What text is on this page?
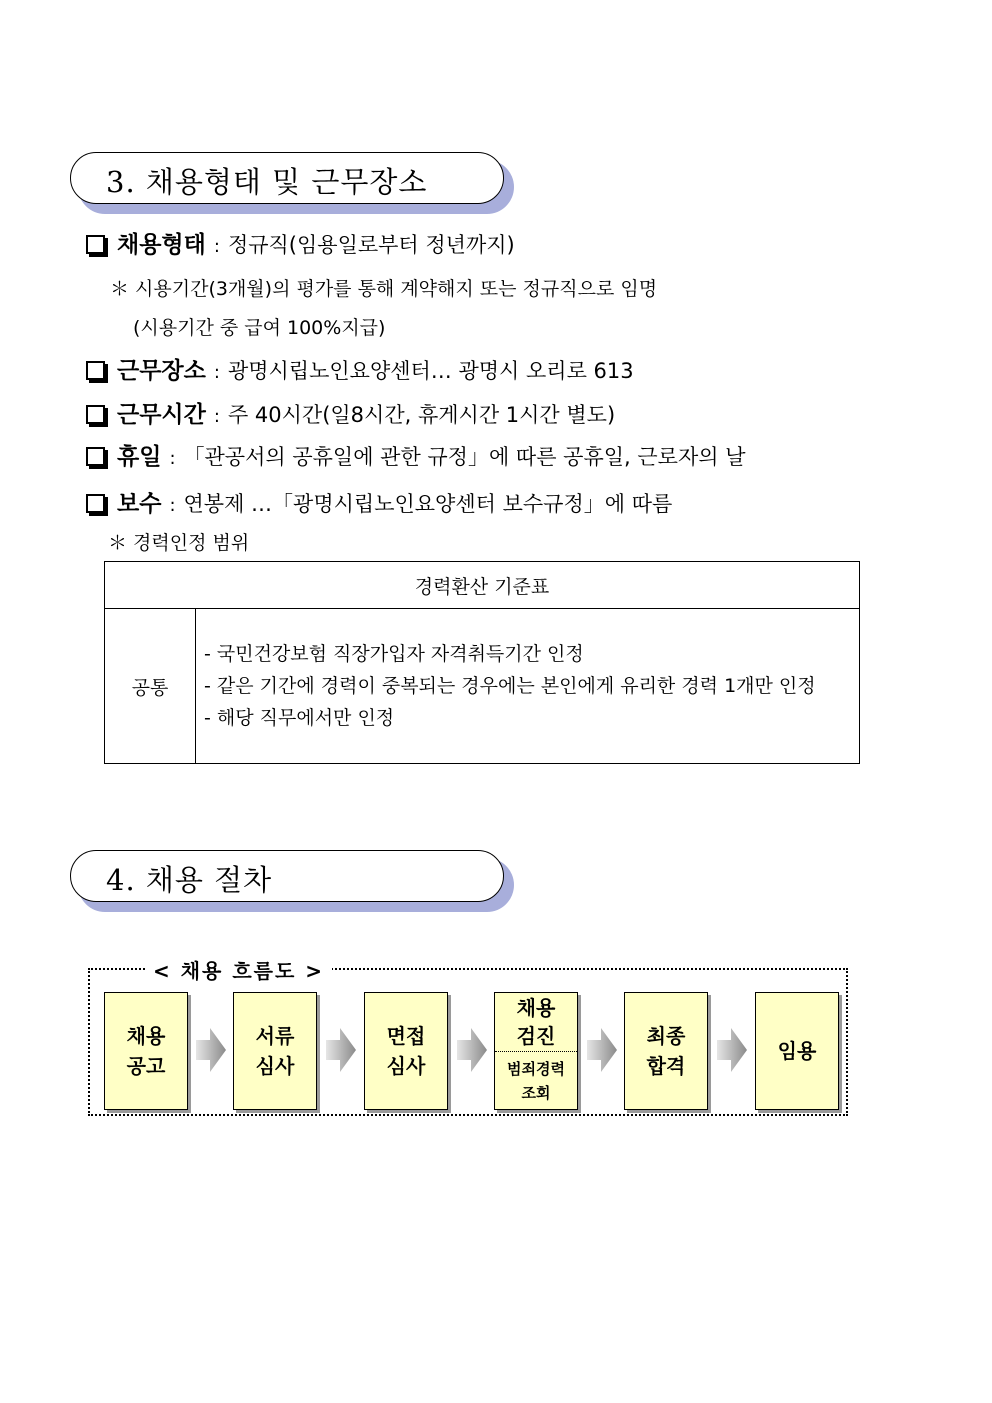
3. 채용형태 및 근무장소
채용형태 : 정규직(임용일로부터 정년까지)
＊ 시용기간(3개월)의 평가를 통해 계약해지 또는 정규직으로 임명
(시용기간 중 급여 100%지급)
근무장소 : 광명시립노인요양센터… 광명시 오리로 613
근무시간 : 주 40시간(일8시간, 휴게시간 1시간 별도)
휴일 : 「관공서의 공휴일에 관한 규정」에 따른 공휴일, 근로자의 날
보수 : 연봉제 …「광명시립노인요양센터 보수규정」에 따름
＊ 경력인정 범위
경력환산 기준표
공통	
- 국민건강보험 직장가입자 자격취득기간 인정
- 같은 기간에 경력이 중복되는 경우에는 본인에게 유리한 경력 1개만 인정
- 해당 직무에서만 인정
4. 채용 절차
< 채용 흐름도 >
채용
공고
서류
심사
면접
심사
채용
검진
범죄경력
조회
최종
합격
임용
